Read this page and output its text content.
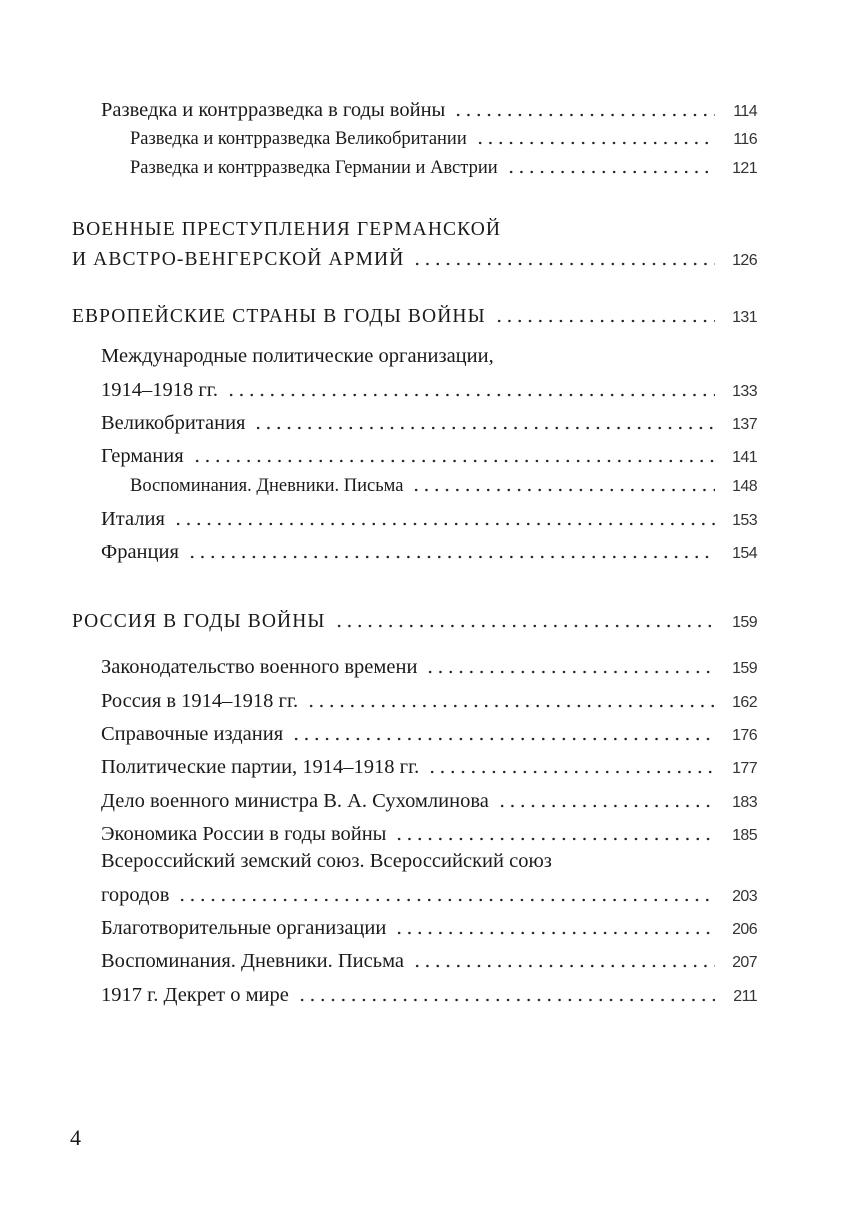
Разведка и контрразведка в годы войны	114
Разведка и контрразведка Великобритании	116
Разведка и контрразведка Германии и Австрии	121
ВОЕННЫЕ ПРЕСТУПЛЕНИЯ ГЕРМАНСКОЙ
И АВСТРО-ВЕНГЕРСКОЙ АРМИЙ	126
ЕВРОПЕЙСКИЕ СТРАНЫ В ГОДЫ ВОЙНЫ	131
Международные политические организации,
1914–1918 гг.	133
Великобритания	137
Германия	141
Воспоминания. Дневники. Письма	148
Италия	153
Франция	154
РОССИЯ В ГОДЫ ВОЙНЫ	159
Законодательство военного времени	159
Россия в 1914–1918 гг.	162
Справочные издания	176
Политические партии, 1914–1918 гг.	177
Дело военного министра В. А. Сухомлинова	183
Экономика России в годы войны	185
Всероссийский земский союз. Всероссийский союз
городов	203
Благотворительные организации	206
Воспоминания. Дневники. Письма	207
1917 г. Декрет о мире	211
4
